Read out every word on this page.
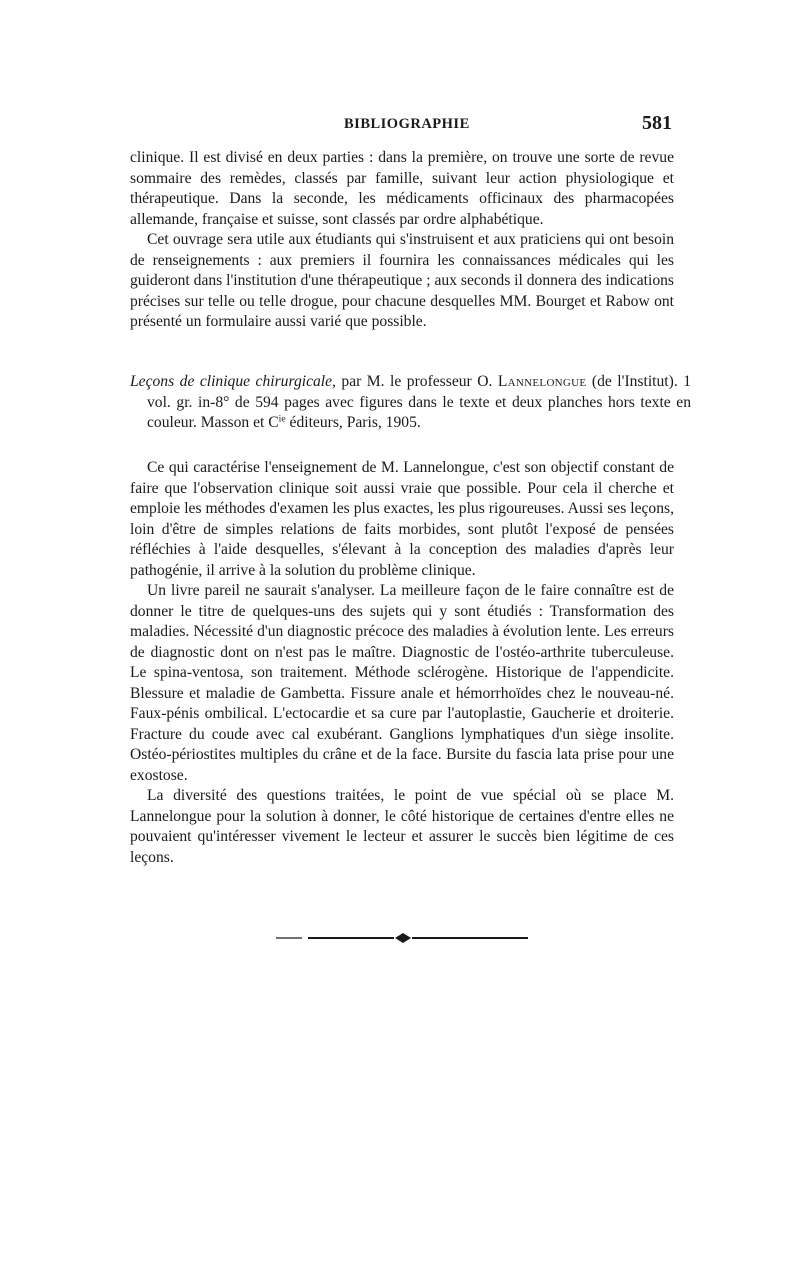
BIBLIOGRAPHIE	581

clinique. Il est divisé en deux parties : dans la première, on trouve une sorte de revue sommaire des remèdes, classés par famille, suivant leur action physiologique et thérapeutique. Dans la seconde, les médicaments officinaux des pharmacopées allemande, française et suisse, sont classés par ordre alphabétique.

Cet ouvrage sera utile aux étudiants qui s'instruisent et aux praticiens qui ont besoin de renseignements : aux premiers il fournira les connaissances médicales qui les guideront dans l'institution d'une thérapeutique ; aux seconds il donnera des indications précises sur telle ou telle drogue, pour chacune desquelles MM. Bourget et Rabow ont présenté un formulaire aussi varié que possible.

Leçons de clinique chirurgicale, par M. le professeur O. Lannelongue (de l'Institut). 1 vol. gr. in-8° de 594 pages avec figures dans le texte et deux planches hors texte en couleur. Masson et $C^{ie}$ éditeurs, Paris, 1905.

Ce qui caractérise l'enseignement de M. Lannelongue, c'est son objectif constant de faire que l'observation clinique soit aussi vraie que possible. Pour cela il cherche et emploie les méthodes d'examen les plus exactes, les plus rigoureuses. Aussi ses leçons, loin d'être de simples relations de faits morbides, sont plutôt l'exposé de pensées réfléchies à l'aide desquelles, s'élevant à la conception des maladies d'après leur pathogénie, il arrive à la solution du problème clinique.

Un livre pareil ne saurait s'analyser. La meilleure façon de le faire connaître est de donner le titre de quelques-uns des sujets qui y sont étudiés : Transformation des maladies. Nécessité d'un diagnostic précoce des maladies à évolution lente. Les erreurs de diagnostic dont on n'est pas le maître. Diagnostic de l'ostéo-arthrite tuberculeuse. Le spina-ventosa, son traitement. Méthode sclérogène. Historique de l'appendicite. Blessure et maladie de Gambetta. Fissure anale et hémorrhoïdes chez le nouveau-né. Faux-pénis ombilical. L'ectocardie et sa cure par l'autoplastie, Gaucherie et droiterie. Fracture du coude avec cal exubérant. Ganglions lymphatiques d'un siège insolite. Ostéo-périostites multiples du crâne et de la face. Bursite du fascia lata prise pour une exostose.

La diversité des questions traitées, le point de vue spécial où se place M. Lannelongue pour la solution à donner, le côté historique de certaines d'entre elles ne pouvaient qu'intéresser vivement le lecteur et assurer le succès bien légitime de ces leçons.
